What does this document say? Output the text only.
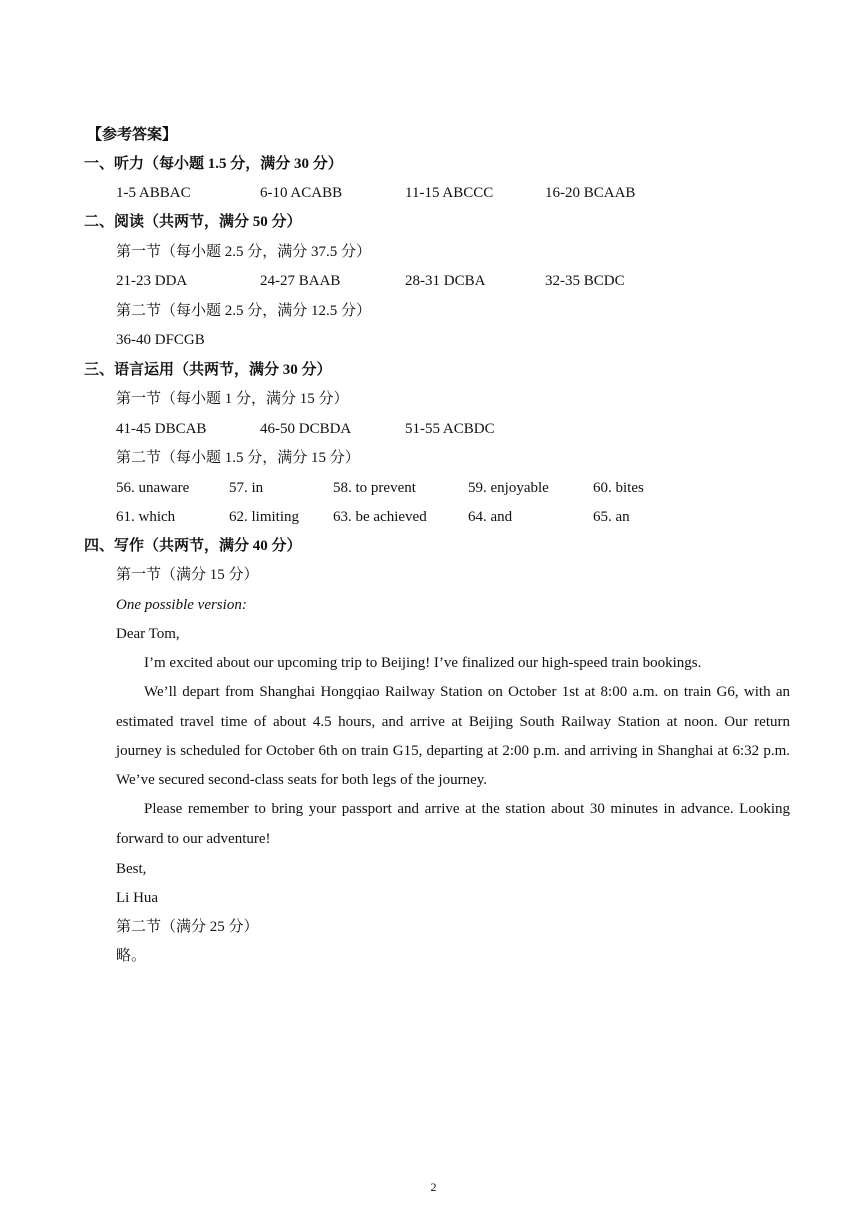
【参考答案】
一、听力（每小题 1.5 分，满分 30 分）
1-5 ABBAC	6-10 ACABB	11-15 ABCCC	16-20 BCAAB
二、阅读（共两节，满分 50 分）
第一节（每小题 2.5 分，满分 37.5 分）
21-23 DDA	24-27 BAAB	28-31 DCBA	32-35 BCDC
第二节（每小题 2.5 分，满分 12.5 分）
36-40 DFCGB
三、语言运用（共两节，满分 30 分）
第一节（每小题 1 分，满分 15 分）
41-45 DBCAB	46-50 DCBDA	51-55 ACBDC
第二节（每小题 1.5 分，满分 15 分）
56. unaware	57. in	58. to prevent	59. enjoyable	60. bites
61. which	62. limiting 63. be achieved	64. and	65. an
四、写作（共两节，满分 40 分）
第一节（满分 15 分）
One possible version:
Dear Tom,
I’m excited about our upcoming trip to Beijing! I’ve finalized our high-speed train bookings.
We’ll depart from Shanghai Hongqiao Railway Station on October 1st at 8:00 a.m. on train G6, with an estimated travel time of about 4.5 hours, and arrive at Beijing South Railway Station at noon. Our return journey is scheduled for October 6th on train G15, departing at 2:00 p.m. and arriving in Shanghai at 6:32 p.m. We’ve secured second-class seats for both legs of the journey.
Please remember to bring your passport and arrive at the station about 30 minutes in advance. Looking forward to our adventure!
Best,
Li Hua
第二节（满分 25 分）
略。
2
